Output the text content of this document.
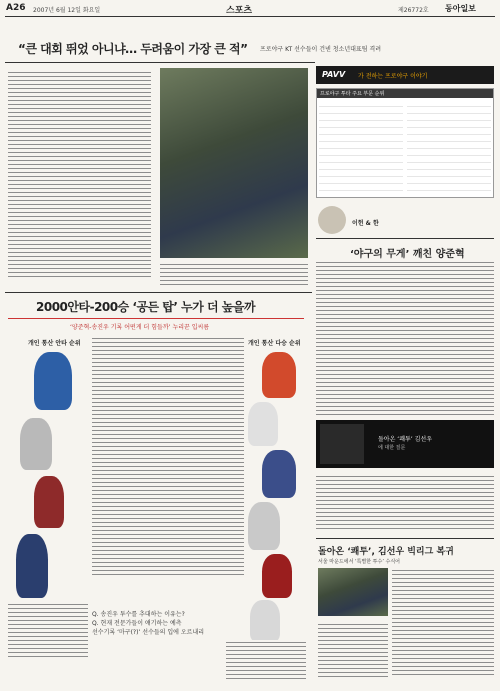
A26 2007년 6월 12일 화요일	스포츠	제26772호 동아일보
“큰 대회 뛰었 아니냐… 두려움이 가장 큰 적” 프로야구 KT 선수들이 건넨 청소년대표팀 격려
PAVV 가 전하는 프로야구 이야기
프로야구 투타 주요 부문 순위
이헌 & 한
‘야구의 무게’ 깨친 양준혁
2000안타-200승 ‘공든 탑’ 누가 더 높을까
‘양준혁-송진우 기록 어떤게 더 힘들까’ 누리꾼 입씨름
개인 통산 안타 순위	개인 통산 다승 순위
Q. 송진우 투수를 추대하는 이유는?
Q. 현재 전문가들이 얘기하는 예측
선수기록 ‘마구(?)’ 선수들의 입에 오르내리
돌아온 ‘쾌투’ 김선우
에 대한 질문
돌아온 ‘쾌투’, 김선우 빅리그 복귀
서울 마운드에서 ‘특별한 투수’ 수식어
